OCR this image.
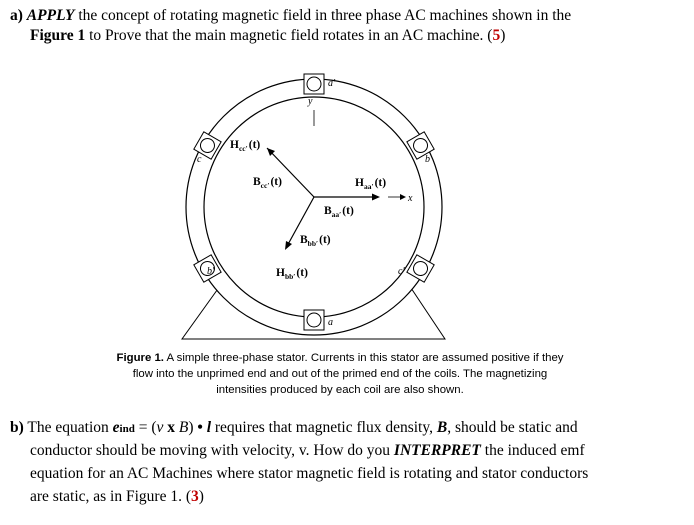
a) APPLY the concept of rotating magnetic field in three phase AC machines shown in the
Figure 1 to Prove that the main magnetic field rotates in an AC machine. (5)
a′
b
c
b′	c′
a
y
x
Hcc′(t)
Bcc′(t)	Haa′(t)
Baa′(t)
Bbb′(t)
Hbb′(t)
Figure 1. A simple three-phase stator. Currents in this stator are assumed positive if they
flow into the unprimed end and out of the primed end of the coils. The magnetizing
intensities produced by each coil are also shown.
b) The equation eind = (v x B) • l requires that magnetic flux density, B, should be static and
conductor should be moving with velocity, v. How do you INTERPRET the induced emf
equation for an AC Machines where stator magnetic field is rotating and stator conductors
are static, as in Figure 1. (3)
